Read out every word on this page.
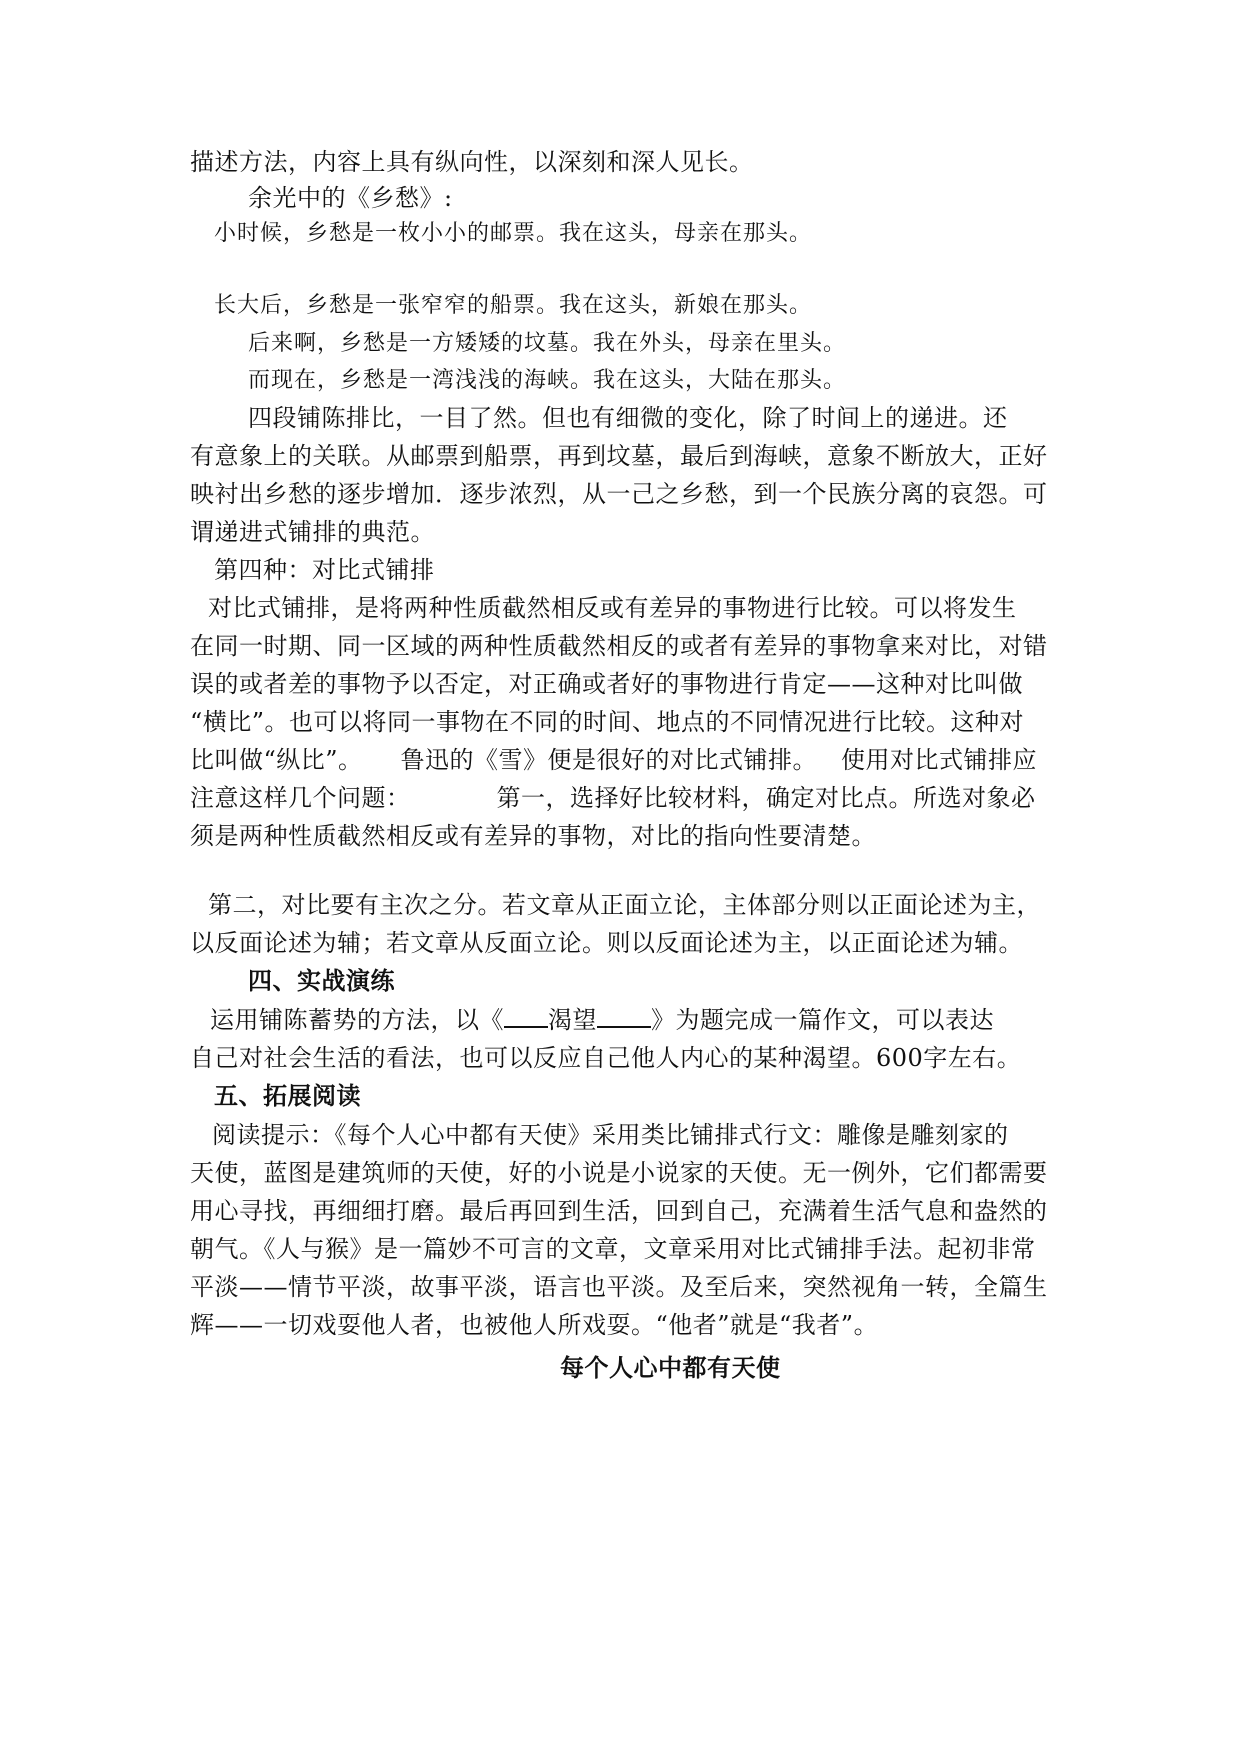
描述方法，内容上具有纵向性，以深刻和深人见长。
余光中的《乡愁》:
小时候，乡愁是一枚小小的邮票。我在这头，母亲在那头。
长大后，乡愁是一张窄窄的船票。我在这头，新娘在那头。
后来啊，乡愁是一方矮矮的坟墓。我在外头，母亲在里头。
而现在，乡愁是一湾浅浅的海峡。我在这头，大陆在那头。
四段铺陈排比，一目了然。但也有细微的变化，除了时间上的递进。还
有意象上的关联。从邮票到船票，再到坟墓，最后到海峡，意象不断放大，正好
映衬出乡愁的逐步增加．逐步浓烈，从一己之乡愁，到一个民族分离的哀怨。可
谓递进式铺排的典范。
第四种：对比式铺排
对比式铺排，是将两种性质截然相反或有差异的事物进行比较。可以将发生
在同一时期、同一区域的两种性质截然相反的或者有差异的事物拿来对比，对错
误的或者差的事物予以否定，对正确或者好的事物进行肯定——这种对比叫做
“横比”。也可以将同一事物在不同的时间、地点的不同情况进行比较。这种对
比叫做“纵比”。 鲁迅的《雪》便是很好的对比式铺排。 使用对比式铺排应
注意这样几个问题：	第一，选择好比较材料，确定对比点。所选对象必
须是两种性质截然相反或有差异的事物，对比的指向性要清楚。
第二，对比要有主次之分。若文章从正面立论，主体部分则以正面论述为主，
以反面论述为辅；若文章从反面立论。则以反面论述为主，以正面论述为辅。
四、实战演练
运用铺陈蓄势的方法，以《 渴望 》为题完成一篇作文，可以表达
自己对社会生活的看法，也可以反应自己他人内心的某种渴望。600字左右。
五、拓展阅读
阅读提示：《每个人心中都有天使》采用类比铺排式行文：雕像是雕刻家的
天使，蓝图是建筑师的天使，好的小说是小说家的天使。无一例外，它们都需要
用心寻找，再细细打磨。最后再回到生活，回到自己，充满着生活气息和盎然的
朝气。《人与猴》是一篇妙不可言的文章，文章采用对比式铺排手法。起初非常
平淡——情节平淡，故事平淡，语言也平淡。及至后来，突然视角一转，全篇生
辉——一切戏耍他人者，也被他人所戏耍。“他者”就是“我者”。
每个人心中都有天使
